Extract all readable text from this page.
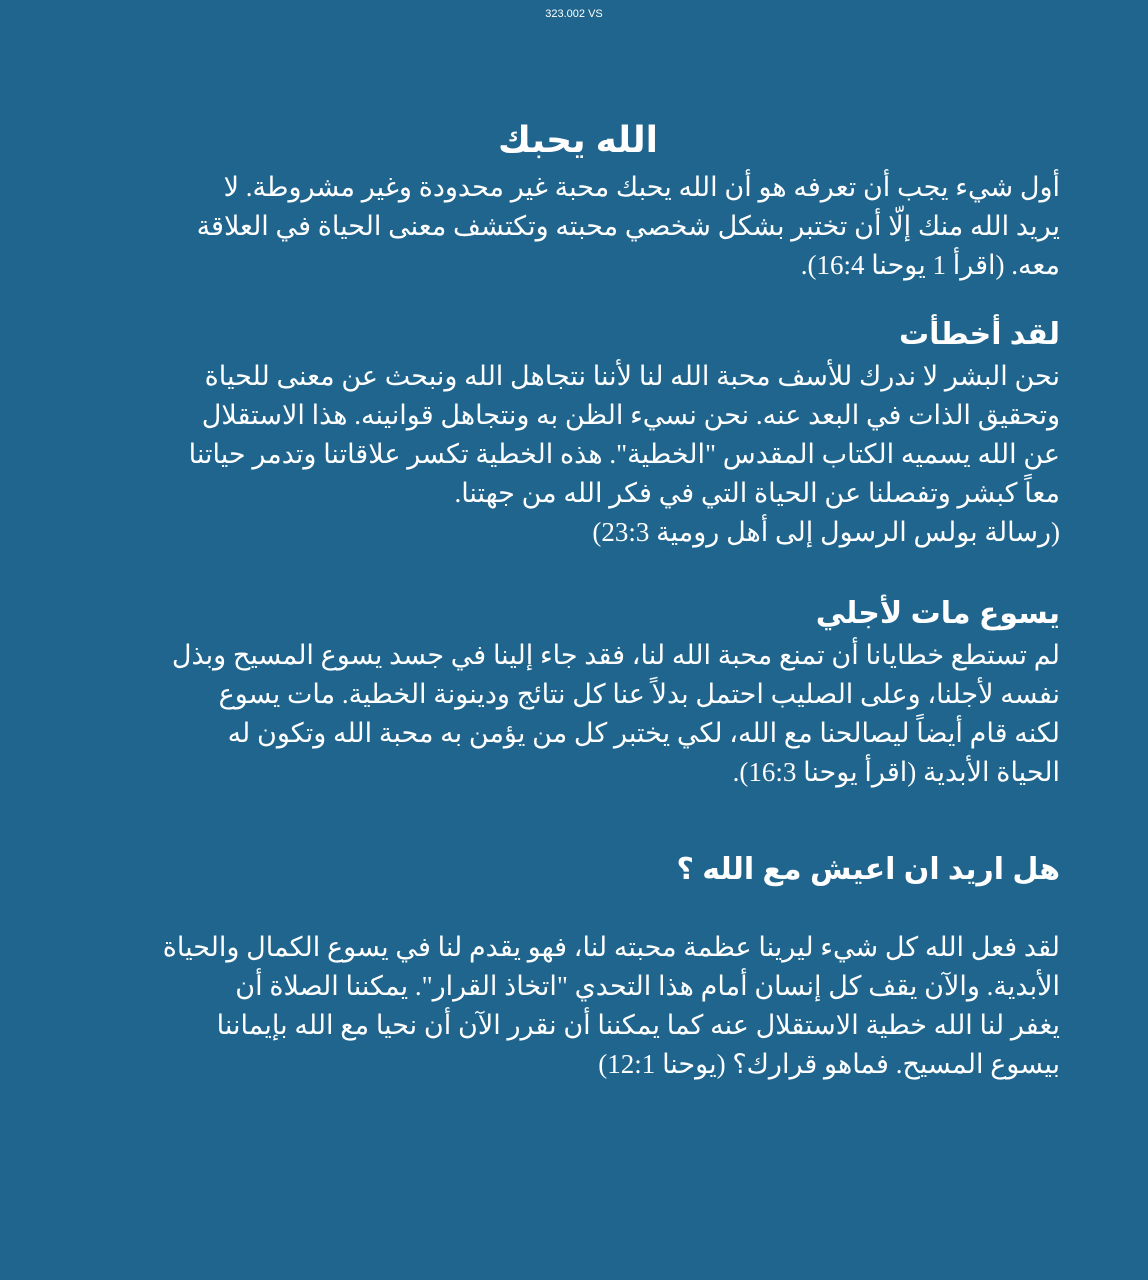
323.002 VS
الله يحبك

أول شيء يجب أن تعرفه هو أن الله يحبك محبة غير محدودة وغير مشروطة. لا
يريد الله منك إلّا أن تختبر بشكل شخصي محبته وتكتشف معنى الحياة في العلاقة
معه. (اقرأ 1 يوحنا 16:4).

لقد أخطأت

نحن البشر لا ندرك للأسف محبة الله لنا لأننا نتجاهل الله ونبحث عن معنى للحياة
وتحقيق الذات في البعد عنه. نحن نسيء الظن به ونتجاهل قوانينه. هذا الاستقلال
عن الله يسميه الكتاب المقدس "الخطية". هذه الخطية تكسر علاقاتنا وتدمر حياتنا
معاً كبشر وتفصلنا عن الحياة التي في فكر الله من جهتنا.
(رسالة بولس الرسول إلى أهل رومية 23:3)

يسوع مات لأجلي

لم تستطع خطايانا أن تمنع محبة الله لنا، فقد جاء إلينا في جسد يسوع المسيح وبذل
نفسه لأجلنا، وعلى الصليب احتمل بدلاً عنا كل نتائج ودينونة الخطية. مات يسوع
لكنه قام أيضاً ليصالحنا مع الله، لكي يختبر كل من يؤمن به محبة الله وتكون له
الحياة الأبدية (اقرأ يوحنا 16:3).

هل اريد ان اعيش مع الله ؟

لقد فعل الله كل شيء ليرينا عظمة محبته لنا، فهو يقدم لنا في يسوع الكمال والحياة
الأبدية. والآن يقف كل إنسان أمام هذا التحدي "اتخاذ القرار". يمكننا الصلاة أن
يغفر لنا الله خطية الاستقلال عنه كما يمكننا أن نقرر الآن أن نحيا مع الله بإيماننا
بيسوع المسيح. فماهو قرارك؟ (يوحنا 12:1)
